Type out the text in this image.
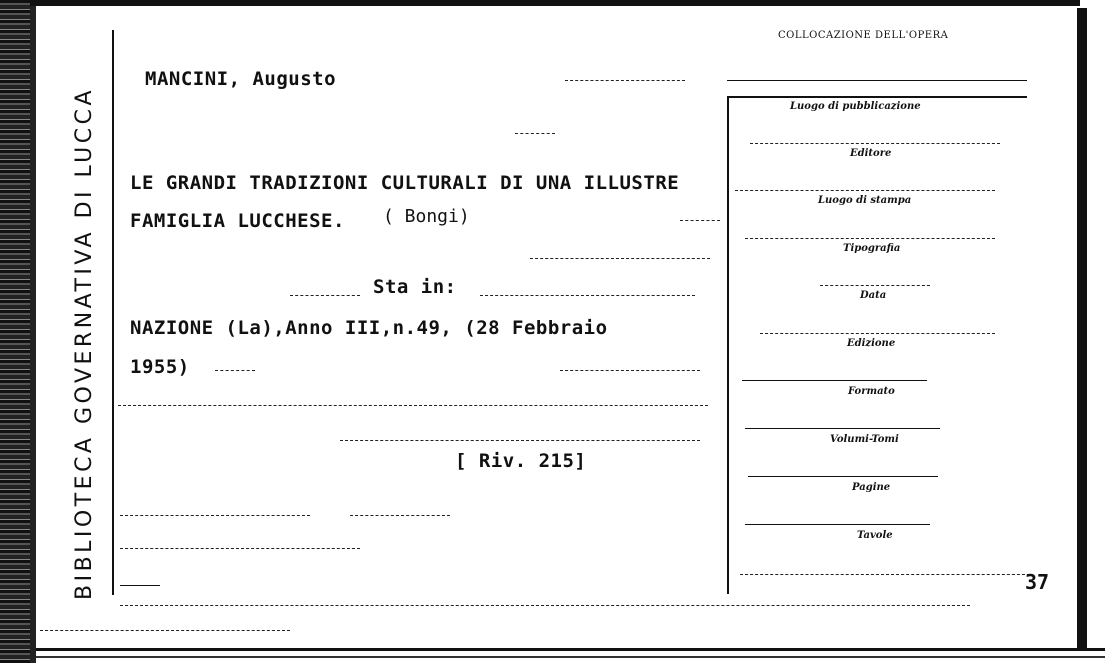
BIBLIOTECA GOVERNATIVA DI LUCCA
COLLOCAZIONE DELL'OPERA
MANCINI, Augusto
LE GRANDI TRADIZIONI CULTURALI DI UNA ILLUSTRE
FAMIGLIA LUCCHESE. ( Bongi)
Sta in:
NAZIONE (La),Anno III,n.49, (28 Febbraio
1955)
[ Riv. 215]
Luogo di pubblicazione
Editore
Luogo di stampa
Tipografia
Data
Edizione
Formato
Volumi-Tomi
Pagine
Tavole
37
